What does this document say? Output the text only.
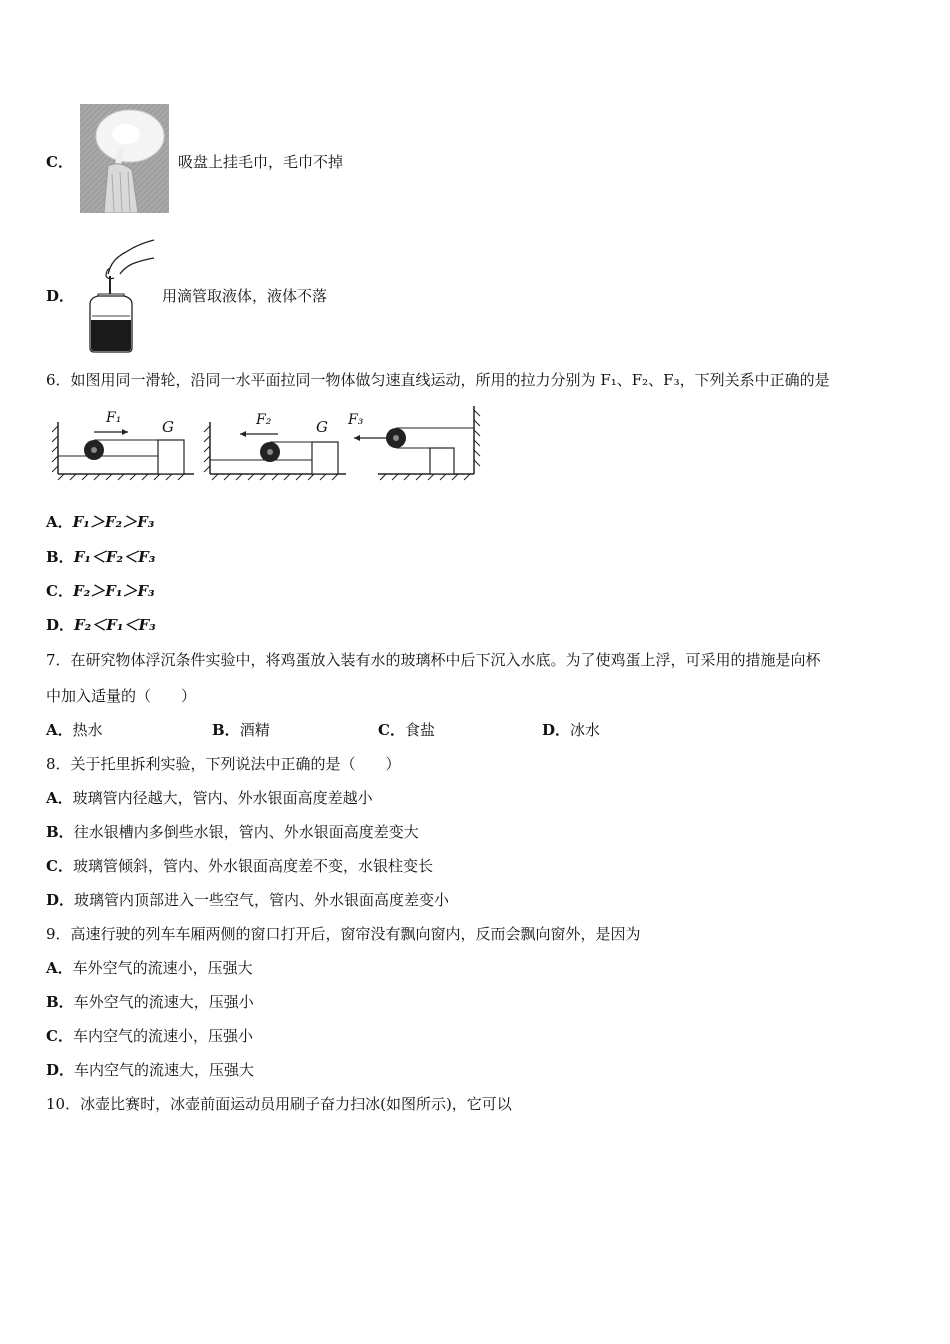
C．	吸盘上挂毛巾，毛巾不掉
D．	用滴管取液体，液体不落
6．如图用同一滑轮，沿同一水平面拉同一物体做匀速直线运动，所用的拉力分别为 F₁、F₂、F₃，下列关系中正确的是
F₁	G	F₂	G F₃
A．F₁＞F₂＞F₃
B．F₁＜F₂＜F₃
C．F₂＞F₁＞F₃
D．F₂＜F₁＜F₃
7．在研究物体浮沉条件实验中，将鸡蛋放入装有水的玻璃杯中后下沉入水底。为了使鸡蛋上浮，可采用的措施是向杯
中加入适量的（　　）
A．热水	B．酒精	C．食盐	D．冰水
8．关于托里拆利实验，下列说法中正确的是（　　）
A．玻璃管内径越大，管内、外水银面高度差越小
B．往水银槽内多倒些水银，管内、外水银面高度差变大
C．玻璃管倾斜，管内、外水银面高度差不变，水银柱变长
D．玻璃管内顶部进入一些空气，管内、外水银面高度差变小
9．高速行驶的列车车厢两侧的窗口打开后，窗帘没有飘向窗内，反而会飘向窗外，是因为
A．车外空气的流速小，压强大
B．车外空气的流速大，压强小
C．车内空气的流速小，压强小
D．车内空气的流速大，压强大
10．冰壶比赛时，冰壶前面运动员用刷子奋力扫冰(如图所示)，它可以
